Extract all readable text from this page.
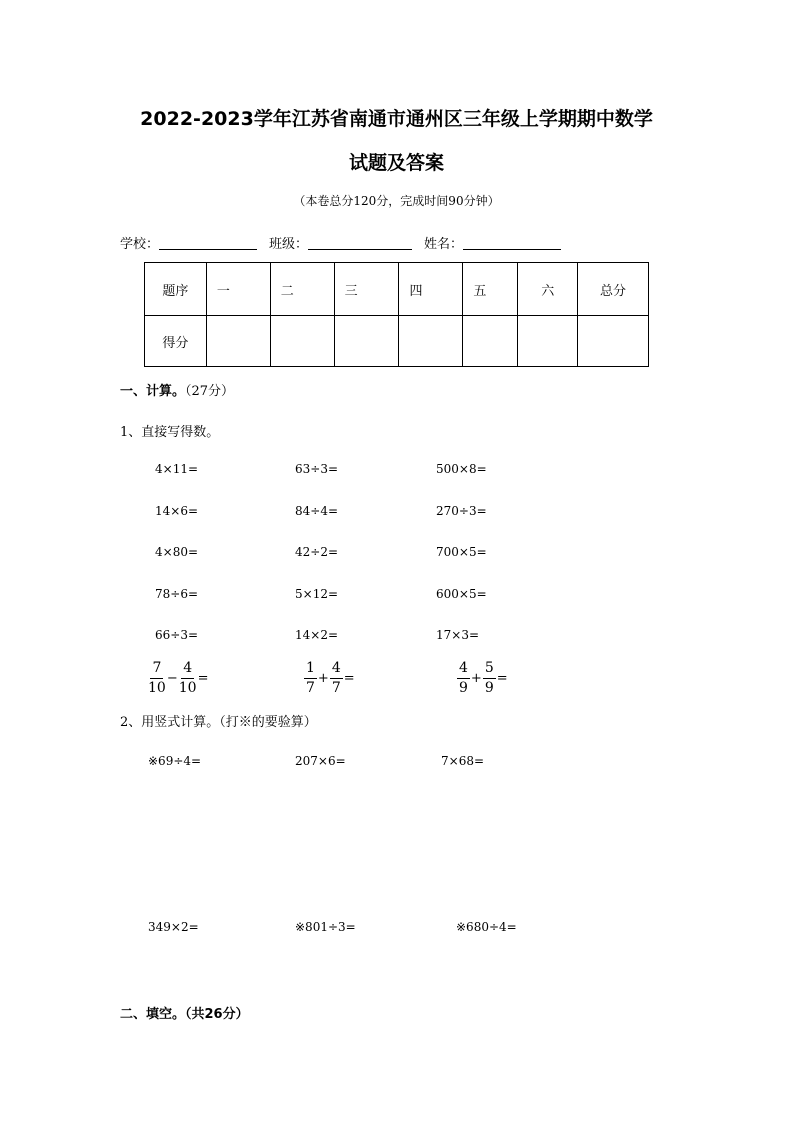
2022-2023学年江苏省南通市通州区三年级上学期期中数学
试题及答案
（本卷总分120分，完成时间90分钟）
学校：	班级：	姓名：
题序	一	二	三	四	五	六	总分
得分							
一、计算。（27分）
1、直接写得数。
4×11=	63÷3=	500×8=
14×6=	84÷4=	270÷3=
4×80=	42÷2=	700×5=
78÷6=	5×12=	600×5=
66÷3=	14×2=	17×3=
$\frac{7}{10} - \frac{4}{10}$ =	$\frac{1}{7} + \frac{4}{7}$ =	$\frac{4}{9} + \frac{5}{9}$ =
2、用竖式计算。（打※的要验算）
※69÷4=	207×6=	7×68=
349×2=	※801÷3=	※680÷4=
二、填空。（共26分）
